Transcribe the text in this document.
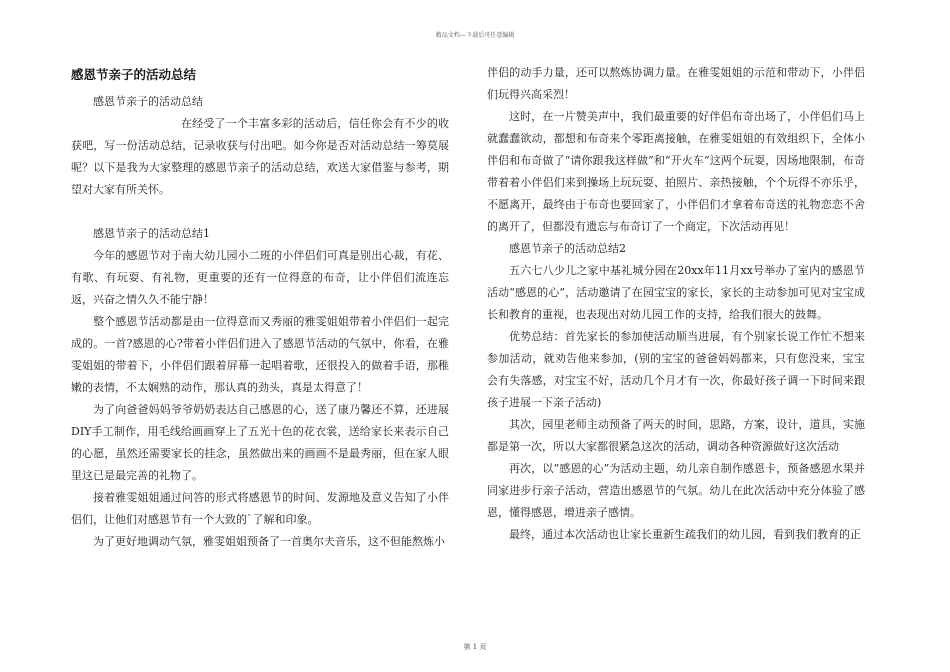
精品文档---下载后可任意编辑
感恩节亲子的活动总结

感恩节亲子的活动总结

在经受了一个丰富多彩的活动后，信任你会有不少的收获吧，写一份活动总结，记录收获与付出吧。如今你是否对活动总结一筹莫展呢？以下是我为大家整理的感恩节亲子的活动总结，欢送大家借鉴与参考，期望对大家有所关怀。

感恩节亲子的活动总结1

今年的感恩节对于南大幼儿园小二班的小伴侣们可真是别出心裁，有花、有歌、有玩耍、有礼物，更重要的还有一位得意的布奇，让小伴侣们流连忘返，兴奋之情久久不能宁静！

整个感恩节活动都是由一位得意而又秀丽的雅雯姐姐带着小伴侣们一起完成的。一首?感恩的心?带着小伴侣们进入了感恩节活动的气氛中，你看，在雅雯姐姐的带着下，小伴侣们跟着屏幕一起唱着歌，还很投入的做着手语，那稚嫩的表情，不太娴熟的动作，那认真的劲头，真是太得意了！

为了向爸爸妈妈爷爷奶奶表达自己感恩的心，送了康乃馨还不算，还进展DIY手工制作，用毛线给画画穿上了五光十色的花衣裳，送给家长来表示自己的心愿，虽然还需要家长的挂念，虽然做出来的画画不是最秀丽，但在家人眼里这已是最完善的礼物了。

接着雅雯姐姐通过问答的形式将感恩节的时间、发源地及意义告知了小伴侣们，让他们对感恩节有一个大致的`了解和印象。

为了更好地调动气氛，雅雯姐姐预备了一首奥尔夫音乐，这不但能熬炼小

伴侣的动手力量，还可以熬炼协调力量。在雅雯姐姐的示范和带动下，小伴侣们玩得兴高采烈！

这时，在一片赞美声中，我们最重要的好伴侣布奇出场了，小伴侣们马上就蠢蠢欲动，都想和布奇来个零距离接触，在雅雯姐姐的有效组织下，全体小伴侣和布奇做了“请你跟我这样做”和“开火车”这两个玩耍，因场地限制，布奇带着着小伴侣们来到操场上玩玩耍、拍照片、亲热接触，个个玩得不亦乐乎，不愿离开，最终由于布奇也要回家了，小伴侣们才拿着布奇送的礼物恋恋不舍的离开了，但都没有遗忘与布奇订了一个商定，下次活动再见！

感恩节亲子的活动总结2

五六七八少儿之家中基礼城分园在20xx年11月xx号举办了室内的感恩节活动“感恩的心”，活动邀请了在园宝宝的家长，家长的主动参加可见对宝宝成长和教育的重视，也表现出对幼儿园工作的支持，给我们很大的鼓舞。

优势总结：首先家长的参加使活动顺当进展，有个别家长说工作忙不想来参加活动，就劝告他来参加，(别的宝宝的爸爸妈妈都来，只有您没来，宝宝会有失落感，对宝宝不好，活动几个月才有一次，你最好孩子调一下时间来跟孩子进展一下亲子活动)

其次，园里老师主动预备了两天的时间，思路，方案，设计，道具，实施都是第一次，所以大家都很紧急这次的活动，调动各种资源做好这次活动

再次，以“感恩的心”为活动主题，幼儿亲自制作感恩卡，预备感恩水果并同家进步行亲子活动，营造出感恩节的气氛。幼儿在此次活动中充分体验了感恩，懂得感恩，增进亲子感情。

最终，通过本次活动也让家长重新生疏我们的幼儿园，看到我们教育的正

第 1 页
